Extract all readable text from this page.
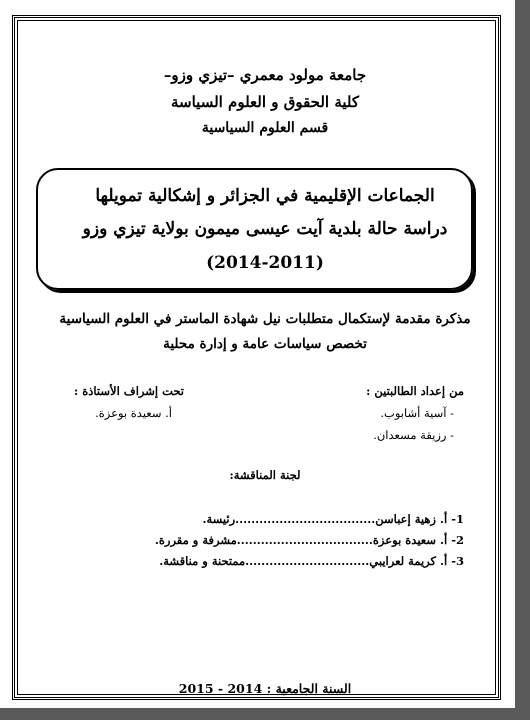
جامعة مولود معمري –تيزي وزو–
كلية الحقوق و العلوم السياسة
قسم العلوم السياسية
الجماعات الإقليمية في الجزائر و إشكالية تمويلها
دراسة حالة بلدية آيت عيسى ميمون بولاية تيزي وزو
(2014-2011)
مذكرة مقدمة لإستكمال متطلبات نيل شهادة الماستر في العلوم السياسية
تخصص سياسات عامة و إدارة محلية
من إعداد الطالبتين :
- آسية أشابوب.
- رزيقة مسعدان.
تحت إشراف الأستاذة :
أ. سعيدة بوعزة.
لجنة المناقشة:
1- أ. زهية إعباسن...................................رئيسة.
2- أ. سعيدة بوعزة..................................مشرفة و مقررة.
3- أ. كريمة لعرايبي...............................ممتحنة و مناقشة.
السنة الجامعية : 2014 - 2015
